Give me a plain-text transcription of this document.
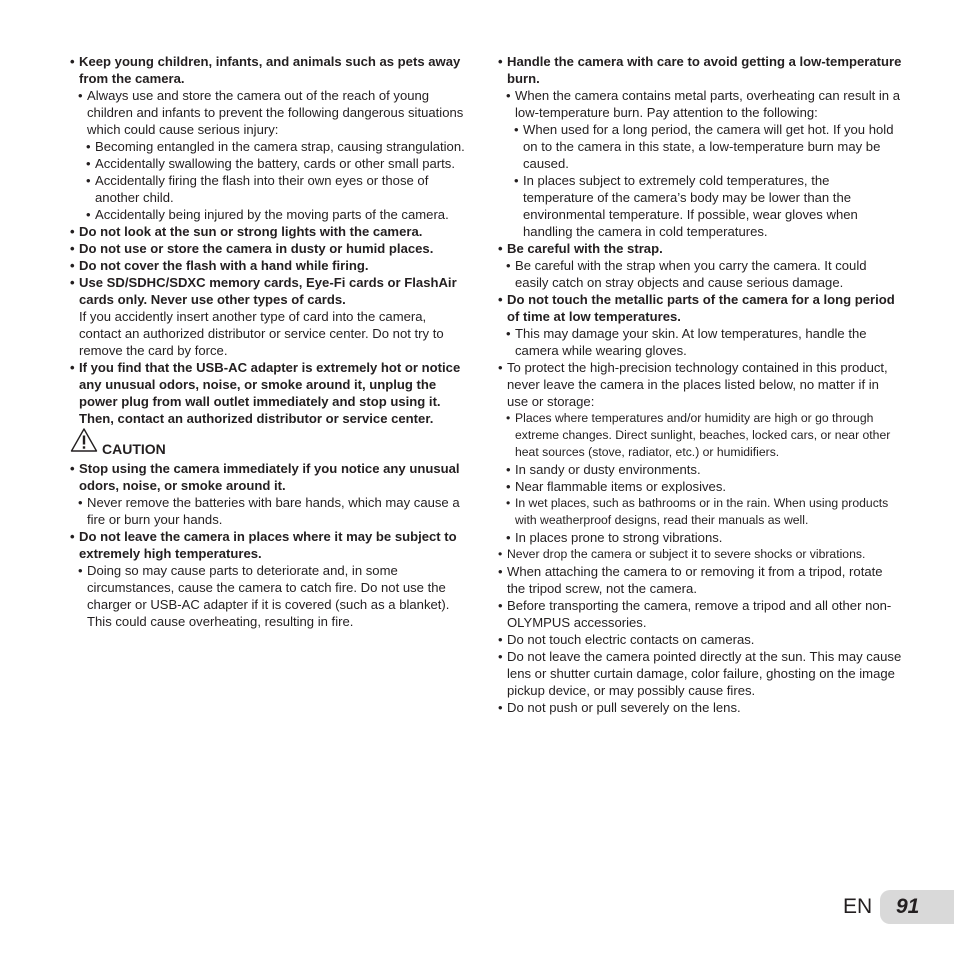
• Keep young children, infants, and animals such as pets away from the camera.
• Always use and store the camera out of the reach of young children and infants to prevent the following dangerous situations which could cause serious injury:
• Becoming entangled in the camera strap, causing strangulation.
• Accidentally swallowing the battery, cards or other small parts.
• Accidentally firing the flash into their own eyes or those of another child.
• Accidentally being injured by the moving parts of the camera.
• Do not look at the sun or strong lights with the camera.
• Do not use or store the camera in dusty or humid places.
• Do not cover the flash with a hand while firing.
• Use SD/SDHC/SDXC memory cards, Eye-Fi cards or FlashAir cards only. Never use other types of cards.
If you accidently insert another type of card into the camera, contact an authorized distributor or service center. Do not try to remove the card by force.
• If you find that the USB-AC adapter is extremely hot or notice any unusual odors, noise, or smoke around it, unplug the power plug from wall outlet immediately and stop using it. Then, contact an authorized distributor or service center.
CAUTION
• Stop using the camera immediately if you notice any unusual odors, noise, or smoke around it.
• Never remove the batteries with bare hands, which may cause a fire or burn your hands.
• Do not leave the camera in places where it may be subject to extremely high temperatures.
• Doing so may cause parts to deteriorate and, in some circumstances, cause the camera to catch fire. Do not use the charger or USB-AC adapter if it is covered (such as a blanket). This could cause overheating, resulting in fire.
• Handle the camera with care to avoid getting a low-temperature burn.
• When the camera contains metal parts, overheating can result in a low-temperature burn. Pay attention to the following:
• When used for a long period, the camera will get hot. If you hold on to the camera in this state, a low-temperature burn may be caused.
• In places subject to extremely cold temperatures, the temperature of the camera’s body may be lower than the environmental temperature. If possible, wear gloves when handling the camera in cold temperatures.
• Be careful with the strap.
• Be careful with the strap when you carry the camera. It could easily catch on stray objects and cause serious damage.
• Do not touch the metallic parts of the camera for a long period of time at low temperatures.
• This may damage your skin. At low temperatures, handle the camera while wearing gloves.
• To protect the high-precision technology contained in this product, never leave the camera in the places listed below, no matter if in use or storage:
• Places where temperatures and/or humidity are high or go through extreme changes. Direct sunlight, beaches, locked cars, or near other heat sources (stove, radiator, etc.) or humidifiers.
• In sandy or dusty environments.
• Near flammable items or explosives.
• In wet places, such as bathrooms or in the rain. When using products with weatherproof designs, read their manuals as well.
• In places prone to strong vibrations.
• Never drop the camera or subject it to severe shocks or vibrations.
• When attaching the camera to or removing it from a tripod, rotate the tripod screw, not the camera.
• Before transporting the camera, remove a tripod and all other non-OLYMPUS accessories.
• Do not touch electric contacts on cameras.
• Do not leave the camera pointed directly at the sun. This may cause lens or shutter curtain damage, color failure, ghosting on the image pickup device, or may possibly cause fires.
• Do not push or pull severely on the lens.
EN 91
